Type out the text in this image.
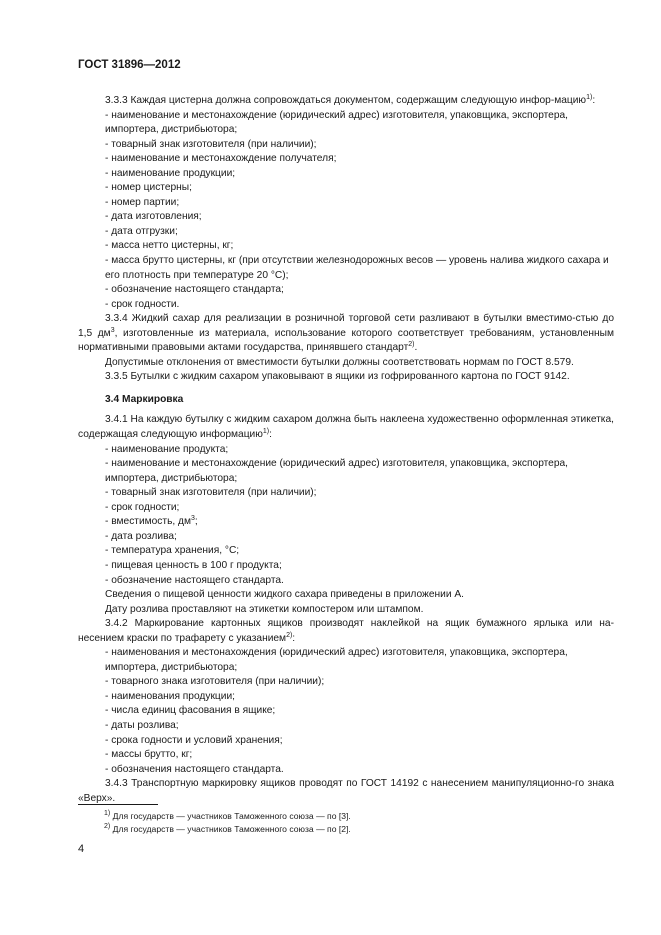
ГОСТ 31896—2012

3.3.3 Каждая цистерна должна сопровождаться документом, содержащим следующую инфор-мацию$^{1)}$:

- наименование и местонахождение (юридический адрес) изготовителя, упаковщика, экспортера, импортера, дистрибьютора;

- товарный знак изготовителя (при наличии);

- наименование и местонахождение получателя;

- наименование продукции;

- номер цистерны;

- номер партии;

- дата изготовления;

- дата отгрузки;

- масса нетто цистерны, кг;

- масса брутто цистерны, кг (при отсутствии железнодорожных весов — уровень налива жидкого сахара и его плотность при температуре 20 °С);

- обозначение настоящего стандарта;

- срок годности.

3.3.4 Жидкий сахар для реализации в розничной торговой сети разливают в бутылки вместимо-стью до 1,5 $дм^3$, изготовленные из материала, использование которого соответствует требованиям, установленным нормативными правовыми актами государства, принявшего стандарт$^{2)}$.

Допустимые отклонения от вместимости бутылки должны соответствовать нормам по ГОСТ 8.579.

3.3.5 Бутылки с жидким сахаром упаковывают в ящики из гофрированного картона по ГОСТ 9142.

3.4 Маркировка

3.4.1 На каждую бутылку с жидким сахаром должна быть наклеена художественно оформленная этикетка, содержащая следующую информацию$^{1)}$:

- наименование продукта;

- наименование и местонахождение (юридический адрес) изготовителя, упаковщика, экспортера, импортера, дистрибьютора;

- товарный знак изготовителя (при наличии);

- срок годности;

- вместимость, $дм^3$;

- дата розлива;

- температура хранения, °С;

- пищевая ценность в 100 г продукта;

- обозначение настоящего стандарта.

Сведения о пищевой ценности жидкого сахара приведены в приложении А.

Дату розлива проставляют на этикетки компостером или штампом.

3.4.2 Маркирование картонных ящиков производят наклейкой на ящик бумажного ярлыка или на-несением краски по трафарету с указанием$^{2)}$:

- наименования и местонахождения (юридический адрес) изготовителя, упаковщика, экспортера, импортера, дистрибьютора;

- товарного знака изготовителя (при наличии);

- наименования продукции;

- числа единиц фасования в ящике;

- даты розлива;

- срока годности и условий хранения;

- массы брутто, кг;

- обозначения настоящего стандарта.

3.4.3 Транспортную маркировку ящиков проводят по ГОСТ 14192 с нанесением манипуляционно-го знака «Верх».

$^{1)}$ Для государств — участников Таможенного союза — по [3].

$^{2)}$ Для государств — участников Таможенного союза — по [2].

4
